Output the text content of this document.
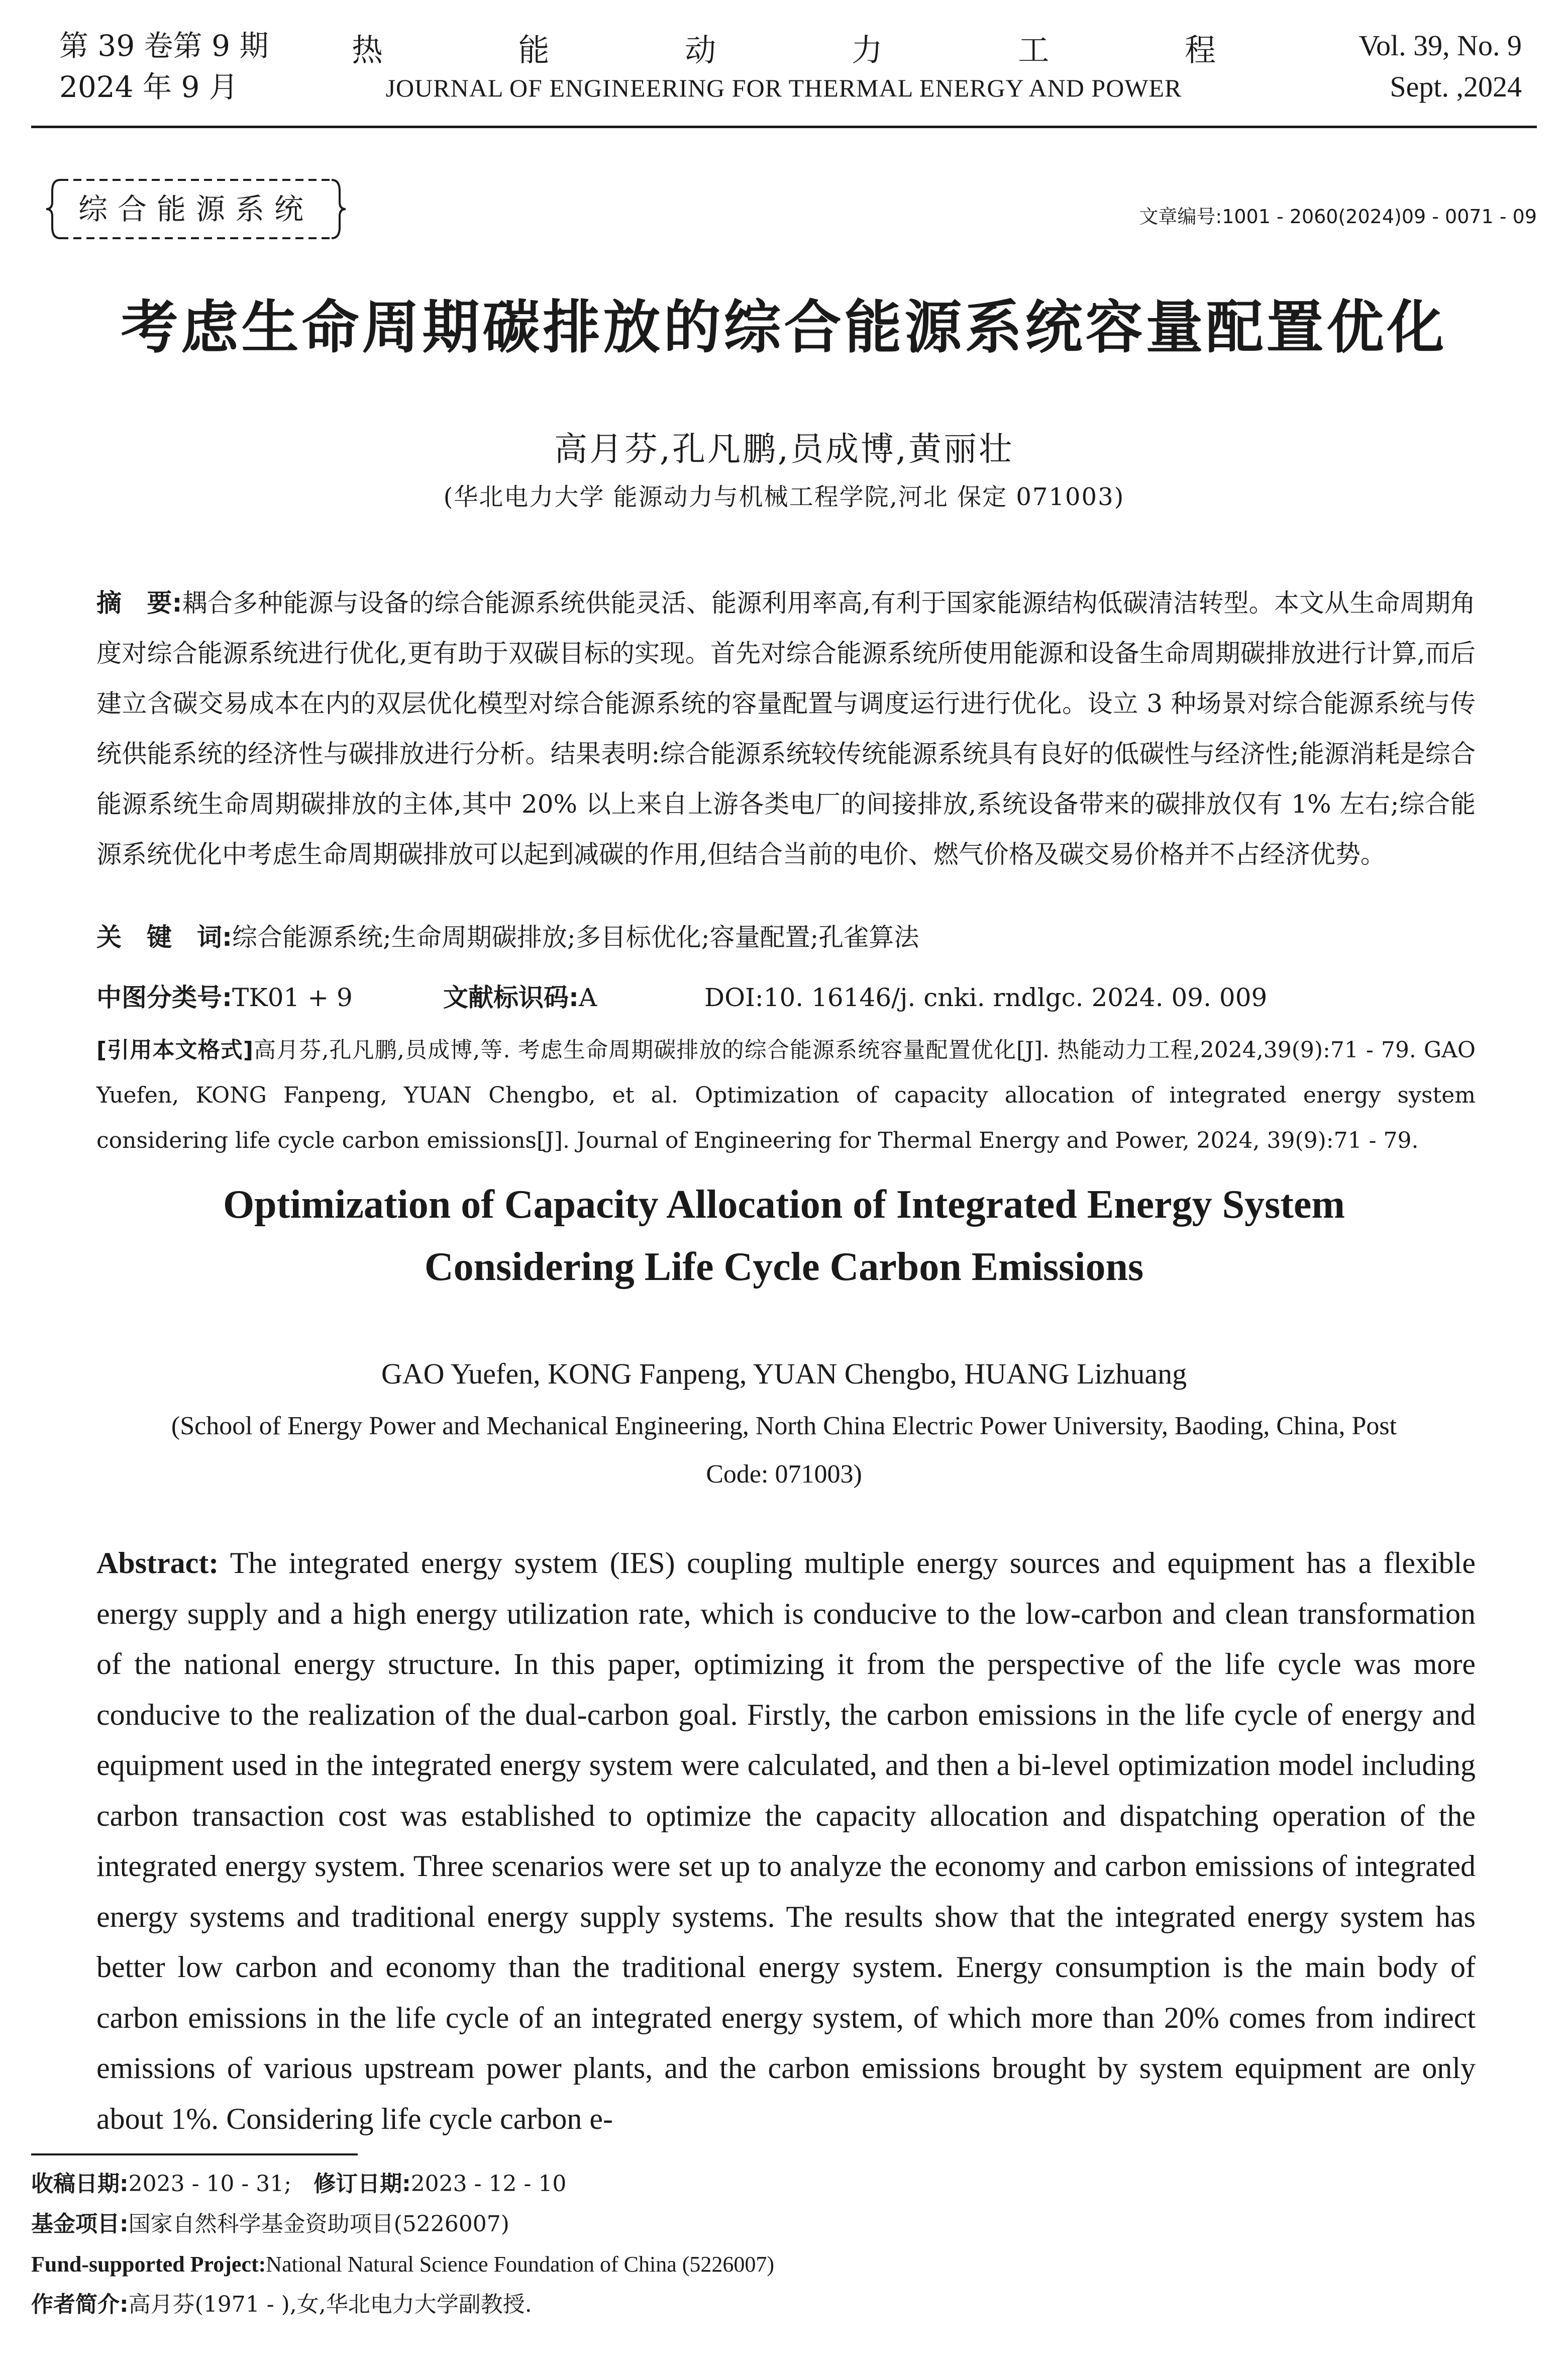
第 39 卷第 9 期
2024 年 9 月
热	能	动	力	工	程
JOURNAL OF ENGINEERING FOR THERMAL ENERGY AND POWER
Vol. 39, No. 9
Sept. ,2024
综合能源系统	文章编号:1001 - 2060(2024)09 - 0071 - 09
考虑生命周期碳排放的综合能源系统容量配置优化
高月芬,孔凡鹏,员成博,黄丽壮
(华北电力大学 能源动力与机械工程学院,河北 保定 071003)
摘　要:耦合多种能源与设备的综合能源系统供能灵活、能源利用率高,有利于国家能源结构低碳清洁转型。本文从生命周期角度对综合能源系统进行优化,更有助于双碳目标的实现。首先对综合能源系统所使用能源和设备生命周期碳排放进行计算,而后建立含碳交易成本在内的双层优化模型对综合能源系统的容量配置与调度运行进行优化。设立 3 种场景对综合能源系统与传统供能系统的经济性与碳排放进行分析。结果表明:综合能源系统较传统能源系统具有良好的低碳性与经济性;能源消耗是综合能源系统生命周期碳排放的主体,其中 20% 以上来自上游各类电厂的间接排放,系统设备带来的碳排放仅有 1% 左右;综合能源系统优化中考虑生命周期碳排放可以起到减碳的作用,但结合当前的电价、燃气价格及碳交易价格并不占经济优势。
关　键　词:综合能源系统;生命周期碳排放;多目标优化;容量配置;孔雀算法
中图分类号:TK01 + 9	文献标识码:A	DOI:10. 16146/j. cnki. rndlgc. 2024. 09. 009
[引用本文格式]高月芬,孔凡鹏,员成博,等. 考虑生命周期碳排放的综合能源系统容量配置优化[J]. 热能动力工程,2024,39(9):71 - 79. GAO Yuefen, KONG Fanpeng, YUAN Chengbo, et al. Optimization of capacity allocation of integrated energy system considering life cycle carbon emissions[J]. Journal of Engineering for Thermal Energy and Power, 2024, 39(9):71 - 79.
Optimization of Capacity Allocation of Integrated Energy System
Considering Life Cycle Carbon Emissions
GAO Yuefen, KONG Fanpeng, YUAN Chengbo, HUANG Lizhuang
(School of Energy Power and Mechanical Engineering, North China Electric Power University, Baoding, China, Post Code: 071003)
Abstract: The integrated energy system (IES) coupling multiple energy sources and equipment has a flexible energy supply and a high energy utilization rate, which is conducive to the low-carbon and clean transformation of the national energy structure. In this paper, optimizing it from the perspective of the life cycle was more conducive to the realization of the dual-carbon goal. Firstly, the carbon emissions in the life cycle of energy and equipment used in the integrated energy system were calculated, and then a bi-level optimization model including carbon transaction cost was established to optimize the capacity allocation and dispatching operation of the integrated energy system. Three scenarios were set up to analyze the economy and carbon emissions of integrated energy systems and traditional energy supply systems. The results show that the integrated energy system has better low carbon and economy than the traditional energy system. Energy consumption is the main body of carbon emissions in the life cycle of an integrated energy system, of which more than 20% comes from indirect emissions of various upstream power plants, and the carbon emissions brought by system equipment are only about 1%. Considering life cycle carbon e-
收稿日期:2023 - 10 - 31;　 修订日期:2023 - 12 - 10
基金项目:国家自然科学基金资助项目(5226007)
Fund-supported Project:National Natural Science Foundation of China (5226007)
作者简介:高月芬(1971 - ),女,华北电力大学副教授.
